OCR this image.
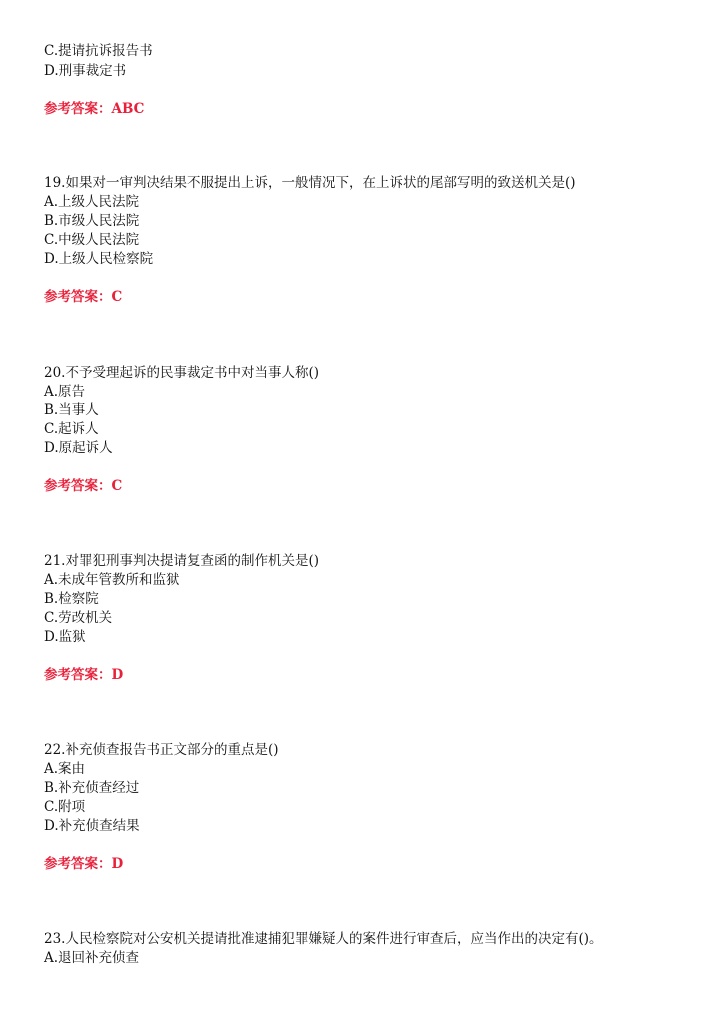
C.提请抗诉报告书
D.刑事裁定书
参考答案：ABC
19.如果对一审判决结果不服提出上诉，一般情况下，在上诉状的尾部写明的致送机关是()
A.上级人民法院
B.市级人民法院
C.中级人民法院
D.上级人民检察院
参考答案：C
20.不予受理起诉的民事裁定书中对当事人称()
A.原告
B.当事人
C.起诉人
D.原起诉人
参考答案：C
21.对罪犯刑事判决提请复查函的制作机关是()
A.未成年管教所和监狱
B.检察院
C.劳改机关
D.监狱
参考答案：D
22.补充侦查报告书正文部分的重点是()
A.案由
B.补充侦查经过
C.附项
D.补充侦查结果
参考答案：D
23.人民检察院对公安机关提请批准逮捕犯罪嫌疑人的案件进行审查后，应当作出的决定有()。
A.退回补充侦查
